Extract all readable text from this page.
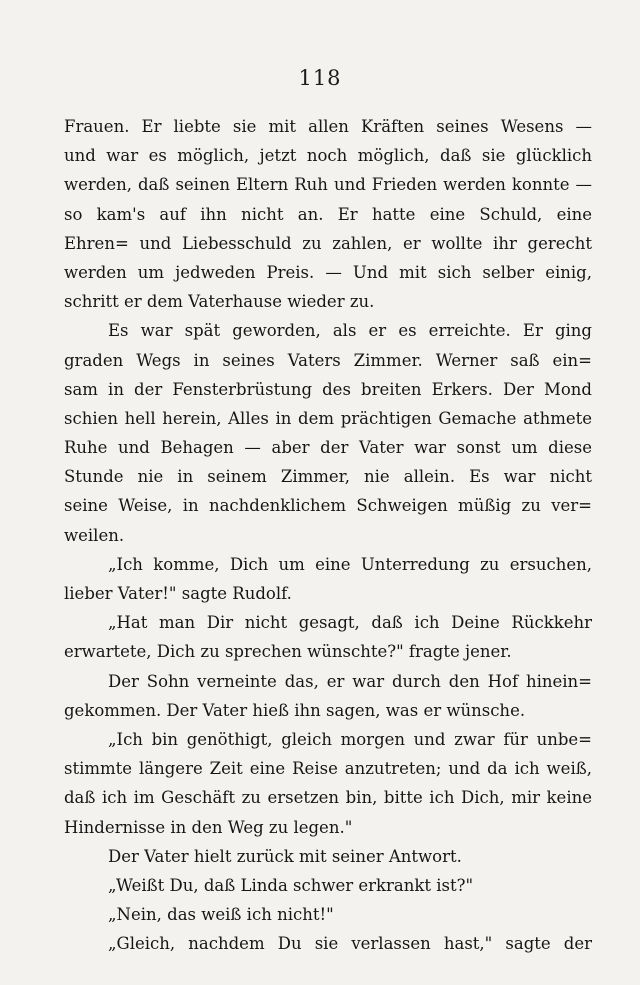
118
Frauen. Er liebte sie mit allen Kräften seines Wesens —
und war es möglich, jetzt noch möglich, daß sie glücklich
werden, daß seinen Eltern Ruh und Frieden werden konnte —
so kam's auf ihn nicht an. Er hatte eine Schuld, eine
Ehren= und Liebesschuld zu zahlen, er wollte ihr gerecht
werden um jedweden Preis. — Und mit sich selber einig,
schritt er dem Vaterhause wieder zu.
Es war spät geworden, als er es erreichte. Er ging
graden Wegs in seines Vaters Zimmer. Werner saß ein=
sam in der Fensterbrüstung des breiten Erkers. Der Mond
schien hell herein, Alles in dem prächtigen Gemache athmete
Ruhe und Behagen — aber der Vater war sonst um diese
Stunde nie in seinem Zimmer, nie allein. Es war nicht
seine Weise, in nachdenklichem Schweigen müßig zu ver=
weilen.
„Ich komme, Dich um eine Unterredung zu ersuchen,
lieber Vater!" sagte Rudolf.
„Hat man Dir nicht gesagt, daß ich Deine Rückkehr
erwartete, Dich zu sprechen wünschte?" fragte jener.
Der Sohn verneinte das, er war durch den Hof hinein=
gekommen. Der Vater hieß ihn sagen, was er wünsche.
„Ich bin genöthigt, gleich morgen und zwar für unbe=
stimmte längere Zeit eine Reise anzutreten; und da ich weiß,
daß ich im Geschäft zu ersetzen bin, bitte ich Dich, mir keine
Hindernisse in den Weg zu legen."
Der Vater hielt zurück mit seiner Antwort.
„Weißt Du, daß Linda schwer erkrankt ist?"
„Nein, das weiß ich nicht!"
„Gleich, nachdem Du sie verlassen hast," sagte der
